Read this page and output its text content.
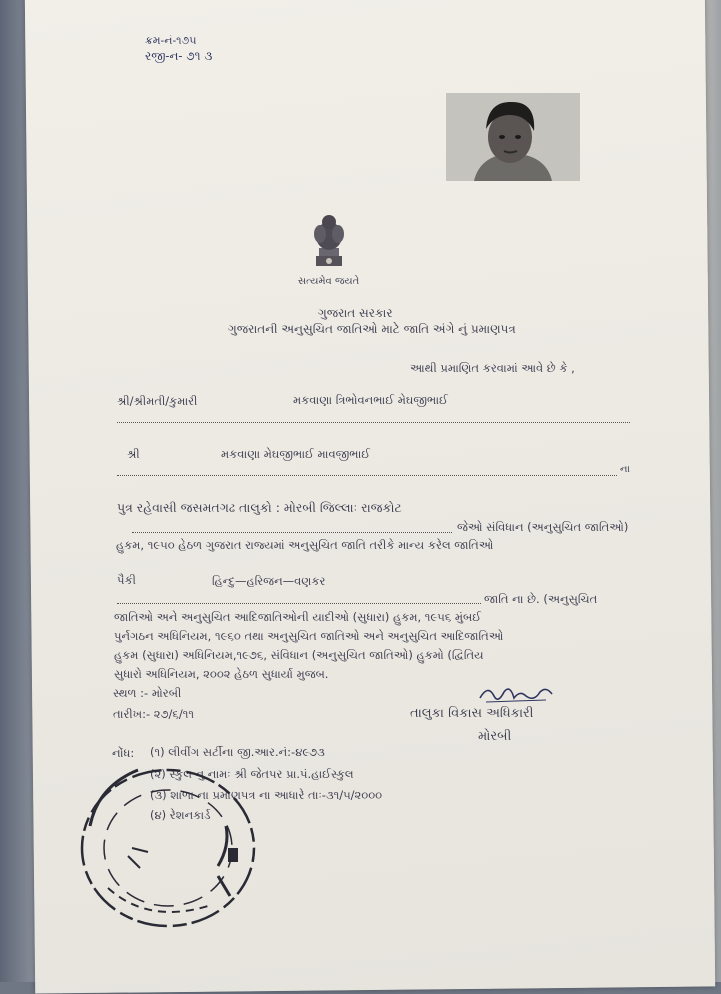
ક્રમ-નં-૧૭૫
રજી-ન- ૭૧ ૩
સત્યમેવ જયતે
ગુજરાત સરકાર
ગુજરાતની અનુસુચિત જાતિઓ માટે જાતિ અંગે નું પ્રમાણપત્ર
આથી પ્રમાણિત કરવામાં આવે છે કે ,
શ્રી/શ્રીમતી/કુમારી	મકવાણા ત્રિભોવનભાઈ મેઘજીભાઈ
શ્રી	મકવાણા મેઘજીભાઈ માવજીભાઈ
ના
પુત્ર રહેવાસી જસમતગઢ તાલુકો : મોરબી જિલ્લાઃ રાજકોટ
જેઓ સંવિધાન (અનુસુચિત જાતિઓ)
હુકમ, ૧૯૫૦ હેઠળ ગુજરાત રાજ્યમાં અનુસુચિત જાતિ તરીકે માન્ય કરેલ જાતિઓ
પૈકી	હિન્દુ—હરિજન—વણકર
જાતિ ના છે. (અનુસુચિત
જાતિઓ અને અનુસુચિત આદિજાતિઓની યાદીઓ (સુધારા) હુકમ, ૧૯૫૬ મુંબઈ
પુર્નગઠન અધિનિયમ, ૧૯૬૦ તથા અનુસુચિત જાતિઓ અને અનુસુચિત આદિજાતિઓ
હુકમ (સુધારા) અધિનિયમ,૧૯૭૬, સંવિધાન (અનુસુચિત જાતિઓ) હુકમો (દ્વિતિય
સુધારો અધિનિયમ, ૨૦૦૨ હેઠળ સુધાર્યા મુજબ.
સ્થળ :- મોરબી
તારીખ:- ૨૭/૬/૧૧	તાલુકા વિકાસ અધિકારી
મોરબી
નોંધ: (૧) લીવીંગ સર્ટીના જી.આર.નં:-૪૯૭૩
(૨) સ્કુલ નુ નામઃ શ્રી જેતપર પ્રા.પં.હાઈસ્કુલ
(૩) શાળા ના પ્રમાણપત્ર ના આધારે તાઃ-૩૧/૫/૨૦૦૦
(૪) રેશનકાર્ડ
